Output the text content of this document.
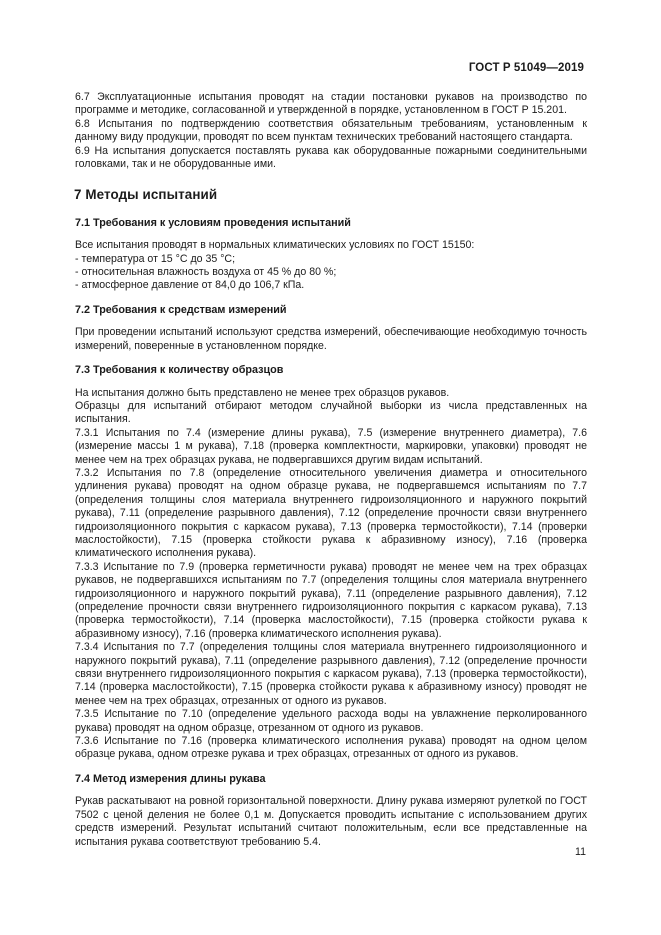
ГОСТ Р 51049—2019

6.7 Эксплуатационные испытания проводят на стадии постановки рукавов на производство по программе и методике, согласованной и утвержденной в порядке, установленном в ГОСТ Р 15.201.

6.8 Испытания по подтверждению соответствия обязательным требованиям, установленным к данному виду продукции, проводят по всем пунктам технических требований настоящего стандарта.

6.9 На испытания допускается поставлять рукава как оборудованные пожарными соединительными головками, так и не оборудованные ими.

7 Методы испытаний
7.1 Требования к условиям проведения испытаний

Все испытания проводят в нормальных климатических условиях по ГОСТ 15150:

- температура от 15 °C до 35 °C;

- относительная влажность воздуха от 45 % до 80 %;

- атмосферное давление от 84,0 до 106,7 кПа.

7.2 Требования к средствам измерений

При проведении испытаний используют средства измерений, обеспечивающие необходимую точность измерений, поверенные в установленном порядке.

7.3 Требования к количеству образцов

На испытания должно быть представлено не менее трех образцов рукавов.

Образцы для испытаний отбирают методом случайной выборки из числа представленных на испытания.

7.3.1 Испытания по 7.4 (измерение длины рукава), 7.5 (измерение внутреннего диаметра), 7.6 (измерение массы 1 м рукава), 7.18 (проверка комплектности, маркировки, упаковки) проводят не менее чем на трех образцах рукава, не подвергавшихся другим видам испытаний.

7.3.2 Испытания по 7.8 (определение относительного увеличения диаметра и относительного удлинения рукава) проводят на одном образце рукава, не подвергавшемся испытаниям по 7.7 (определения толщины слоя материала внутреннего гидроизоляционного и наружного покрытий рукава), 7.11 (определение разрывного давления), 7.12 (определение прочности связи внутреннего гидроизоляционного покрытия с каркасом рукава), 7.13 (проверка термостойкости), 7.14 (проверки маслостойкости), 7.15 (проверка стойкости рукава к абразивному износу), 7.16 (проверка климатического исполнения рукава).

7.3.3 Испытание по 7.9 (проверка герметичности рукава) проводят не менее чем на трех образцах рукавов, не подвергавшихся испытаниям по 7.7 (определения толщины слоя материала внутреннего гидроизоляционного и наружного покрытий рукава), 7.11 (определение разрывного давления), 7.12 (определение прочности связи внутреннего гидроизоляционного покрытия с каркасом рукава), 7.13 (проверка термостойкости), 7.14 (проверка маслостойкости), 7.15 (проверка стойкости рукава к абразивному износу), 7.16 (проверка климатического исполнения рукава).

7.3.4 Испытания по 7.7 (определения толщины слоя материала внутреннего гидроизоляционного и наружного покрытий рукава), 7.11 (определение разрывного давления), 7.12 (определение прочности связи внутреннего гидроизоляционного покрытия с каркасом рукава), 7.13 (проверка термостойкости), 7.14 (проверка маслостойкости), 7.15 (проверка стойкости рукава к абразивному износу) проводят не менее чем на трех образцах, отрезанных от одного из рукавов.

7.3.5 Испытание по 7.10 (определение удельного расхода воды на увлажнение перколированного рукава) проводят на одном образце, отрезанном от одного из рукавов.

7.3.6 Испытание по 7.16 (проверка климатического исполнения рукава) проводят на одном целом образце рукава, одном отрезке рукава и трех образцах, отрезанных от одного из рукавов.

7.4 Метод измерения длины рукава

Рукав раскатывают на ровной горизонтальной поверхности. Длину рукава измеряют рулеткой по ГОСТ 7502 с ценой деления не более 0,1 м. Допускается проводить испытание с использованием других средств измерений. Результат испытаний считают положительным, если все представленные на испытания рукава соответствуют требованию 5.4.

11
